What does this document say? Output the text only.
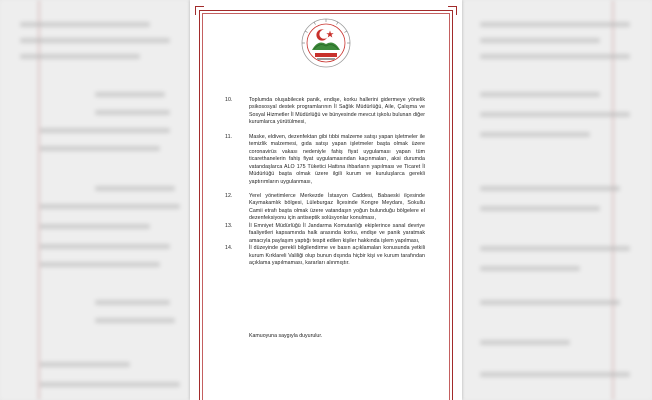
10.	Toplumda oluşabilecek panik, endişe, korku hallerini gidermeye yönelik psikososyal destek programlarının İl Sağlık Müdürlüğü, Aile, Çalışma ve Sosyal Hizmetler İl Müdürlüğü ve bünyesinde mevcut işkolu bulunan diğer kurumlarca yürütülmesi,
11.	Maske, eldiven, dezenfektan gibi tıbbi malzeme satışı yapan işletmeler ile temizlik malzemesi, gıda satışı yapan işletmeler başta olmak üzere coronavirüs vakası nedeniyle fahiş fiyat uygulaması yapan tüm ticarethanelerin fahiş fiyat uygulamasından kaçınmaları, aksi durumda vatandaşlarca ALO 175 Tüketici Hattına ihbarların yapılması ve Ticaret İl Müdürlüğü başta olmak üzere ilgili kurum ve kuruluşlarca gerekli yaptırımların uygulanması,
12.	Yerel yönetimlerce Merkezde İstasyon Caddesi, Babaeski ilçesinde Kaymakamlık bölgesi, Lüleburgaz İlçesinde Kongre Meydanı, Sokullu Camii etrafı başta olmak üzere vatandaşın yoğun bulunduğu bölgelere el dezenfeksiyonu için antiseptik solüsyonlar konulması,
13.	İl Emniyet Müdürlüğü İl Jandarma Komutanlığı ekiplerince sanal devriye faaliyetleri kapsamında halk arasında korku, endişe ve panik yaratmak amacıyla paylaşım yaptığı tespit edilen kişiler hakkında işlem yapılması,
14.	İl düzeyinde gerekli bilgilendirme ve basın açıklamaları konusunda yetkili kurum Kırklareli Valiliği olup bunun dışında hiçbir kişi ve kurum tarafından açıklama yapılmaması, kararları alınmıştır.
Kamuoyuna saygıyla duyurulur.
